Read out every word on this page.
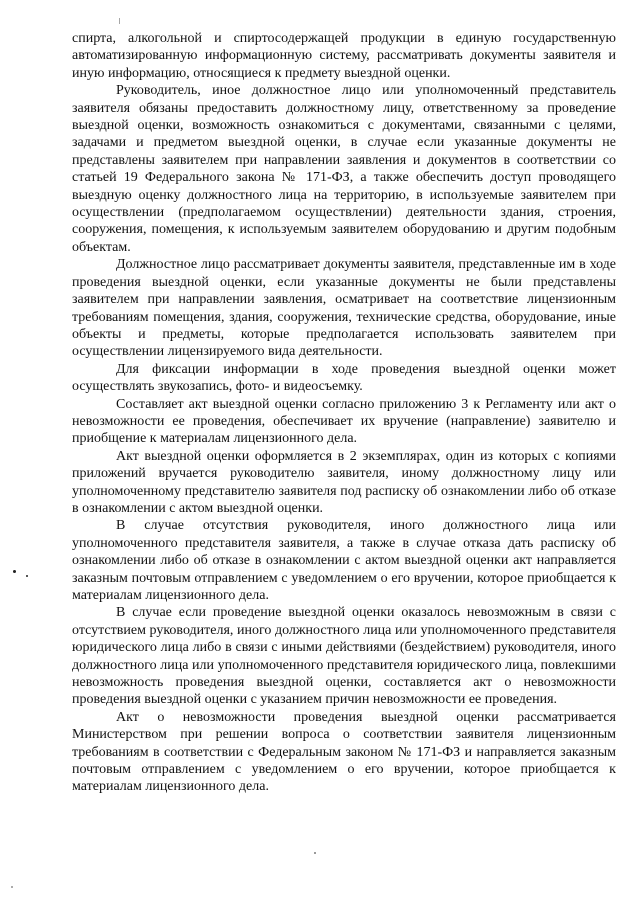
спирта, алкогольной и спиртосодержащей продукции в единую государственную автоматизированную информационную систему, рассматривать документы заявителя и иную информацию, относящиеся к предмету выездной оценки.

Руководитель, иное должностное лицо или уполномоченный представитель заявителя обязаны предоставить должностному лицу, ответственному за проведение выездной оценки, возможность ознакомиться с документами, связанными с целями, задачами и предметом выездной оценки, в случае если указанные документы не представлены заявителем при направлении заявления и документов в соответствии со статьей 19 Федерального закона № 171-ФЗ, а также обеспечить доступ проводящего выездную оценку должностного лица на территорию, в используемые заявителем при осуществлении (предполагаемом осуществлении) деятельности здания, строения, сооружения, помещения, к используемым заявителем оборудованию и другим подобным объектам.

Должностное лицо рассматривает документы заявителя, представленные им в ходе проведения выездной оценки, если указанные документы не были представлены заявителем при направлении заявления, осматривает на соответствие лицензионным требованиям помещения, здания, сооружения, технические средства, оборудование, иные объекты и предметы, которые предполагается использовать заявителем при осуществлении лицензируемого вида деятельности.

Для фиксации информации в ходе проведения выездной оценки может осуществлять звукозапись, фото- и видеосъемку.

Составляет акт выездной оценки согласно приложению 3 к Регламенту или акт о невозможности ее проведения, обеспечивает их вручение (направление) заявителю и приобщение к материалам лицензионного дела.

Акт выездной оценки оформляется в 2 экземплярах, один из которых с копиями приложений вручается руководителю заявителя, иному должностному лицу или уполномоченному представителю заявителя под расписку об ознакомлении либо об отказе в ознакомлении с актом выездной оценки.

В случае отсутствия руководителя, иного должностного лица или уполномоченного представителя заявителя, а также в случае отказа дать расписку об ознакомлении либо об отказе в ознакомлении с актом выездной оценки акт направляется заказным почтовым отправлением с уведомлением о его вручении, которое приобщается к материалам лицензионного дела.

В случае если проведение выездной оценки оказалось невозможным в связи с отсутствием руководителя, иного должностного лица или уполномоченного представителя юридического лица либо в связи с иными действиями (бездействием) руководителя, иного должностного лица или уполномоченного представителя юридического лица, повлекшими невозможность проведения выездной оценки, составляется акт о невозможности проведения выездной оценки с указанием причин невозможности ее проведения.

Акт о невозможности проведения выездной оценки рассматривается Министерством при решении вопроса о соответствии заявителя лицензионным требованиям в соответствии с Федеральным законом № 171-ФЗ и направляется заказным почтовым отправлением с уведомлением о его вручении, которое приобщается к материалам лицензионного дела.
